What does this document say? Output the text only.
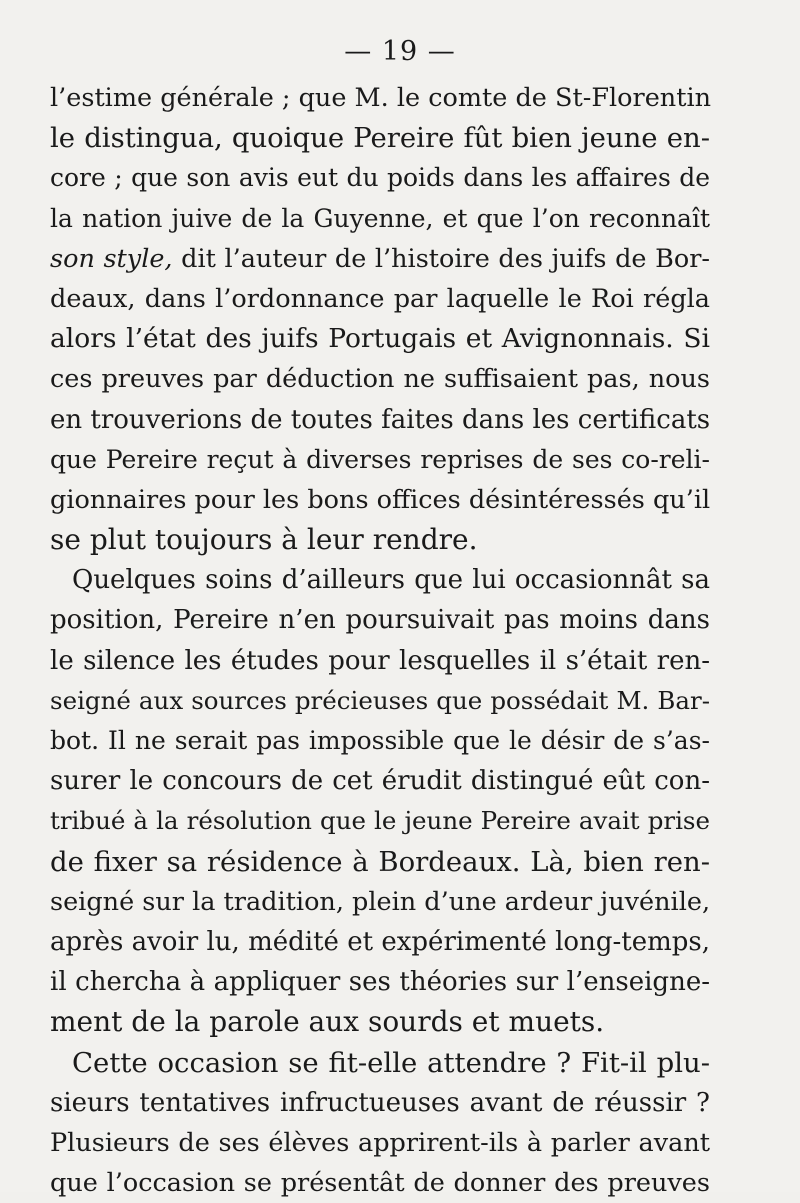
— 19 —
l’estime générale ; que M. le comte de St-Florentin
le distingua, quoique Pereire fût bien jeune en-
core ; que son avis eut du poids dans les affaires de
la nation juive de la Guyenne, et que l’on reconnaît
son style, dit l’auteur de l’histoire des juifs de Bor-
deaux, dans l’ordonnance par laquelle le Roi régla
alors l’état des juifs Portugais et Avignonnais. Si
ces preuves par déduction ne suffisaient pas, nous
en trouverions de toutes faites dans les certificats
que Pereire reçut à diverses reprises de ses co-reli-
gionnaires pour les bons offices désintéressés qu’il
se plut toujours à leur rendre.
Quelques soins d’ailleurs que lui occasionnât sa
position, Pereire n’en poursuivait pas moins dans
le silence les études pour lesquelles il s’était ren-
seigné aux sources précieuses que possédait M. Bar-
bot. Il ne serait pas impossible que le désir de s’as-
surer le concours de cet érudit distingué eût con-
tribué à la résolution que le jeune Pereire avait prise
de fixer sa résidence à Bordeaux. Là, bien ren-
seigné sur la tradition, plein d’une ardeur juvénile,
après avoir lu, médité et expérimenté long-temps,
il chercha à appliquer ses théories sur l’enseigne-
ment de la parole aux sourds et muets.
Cette occasion se fit-elle attendre ? Fit-il plu-
sieurs tentatives infructueuses avant de réussir ?
Plusieurs de ses élèves apprirent-ils à parler avant
que l’occasion se présentât de donner des preuves
